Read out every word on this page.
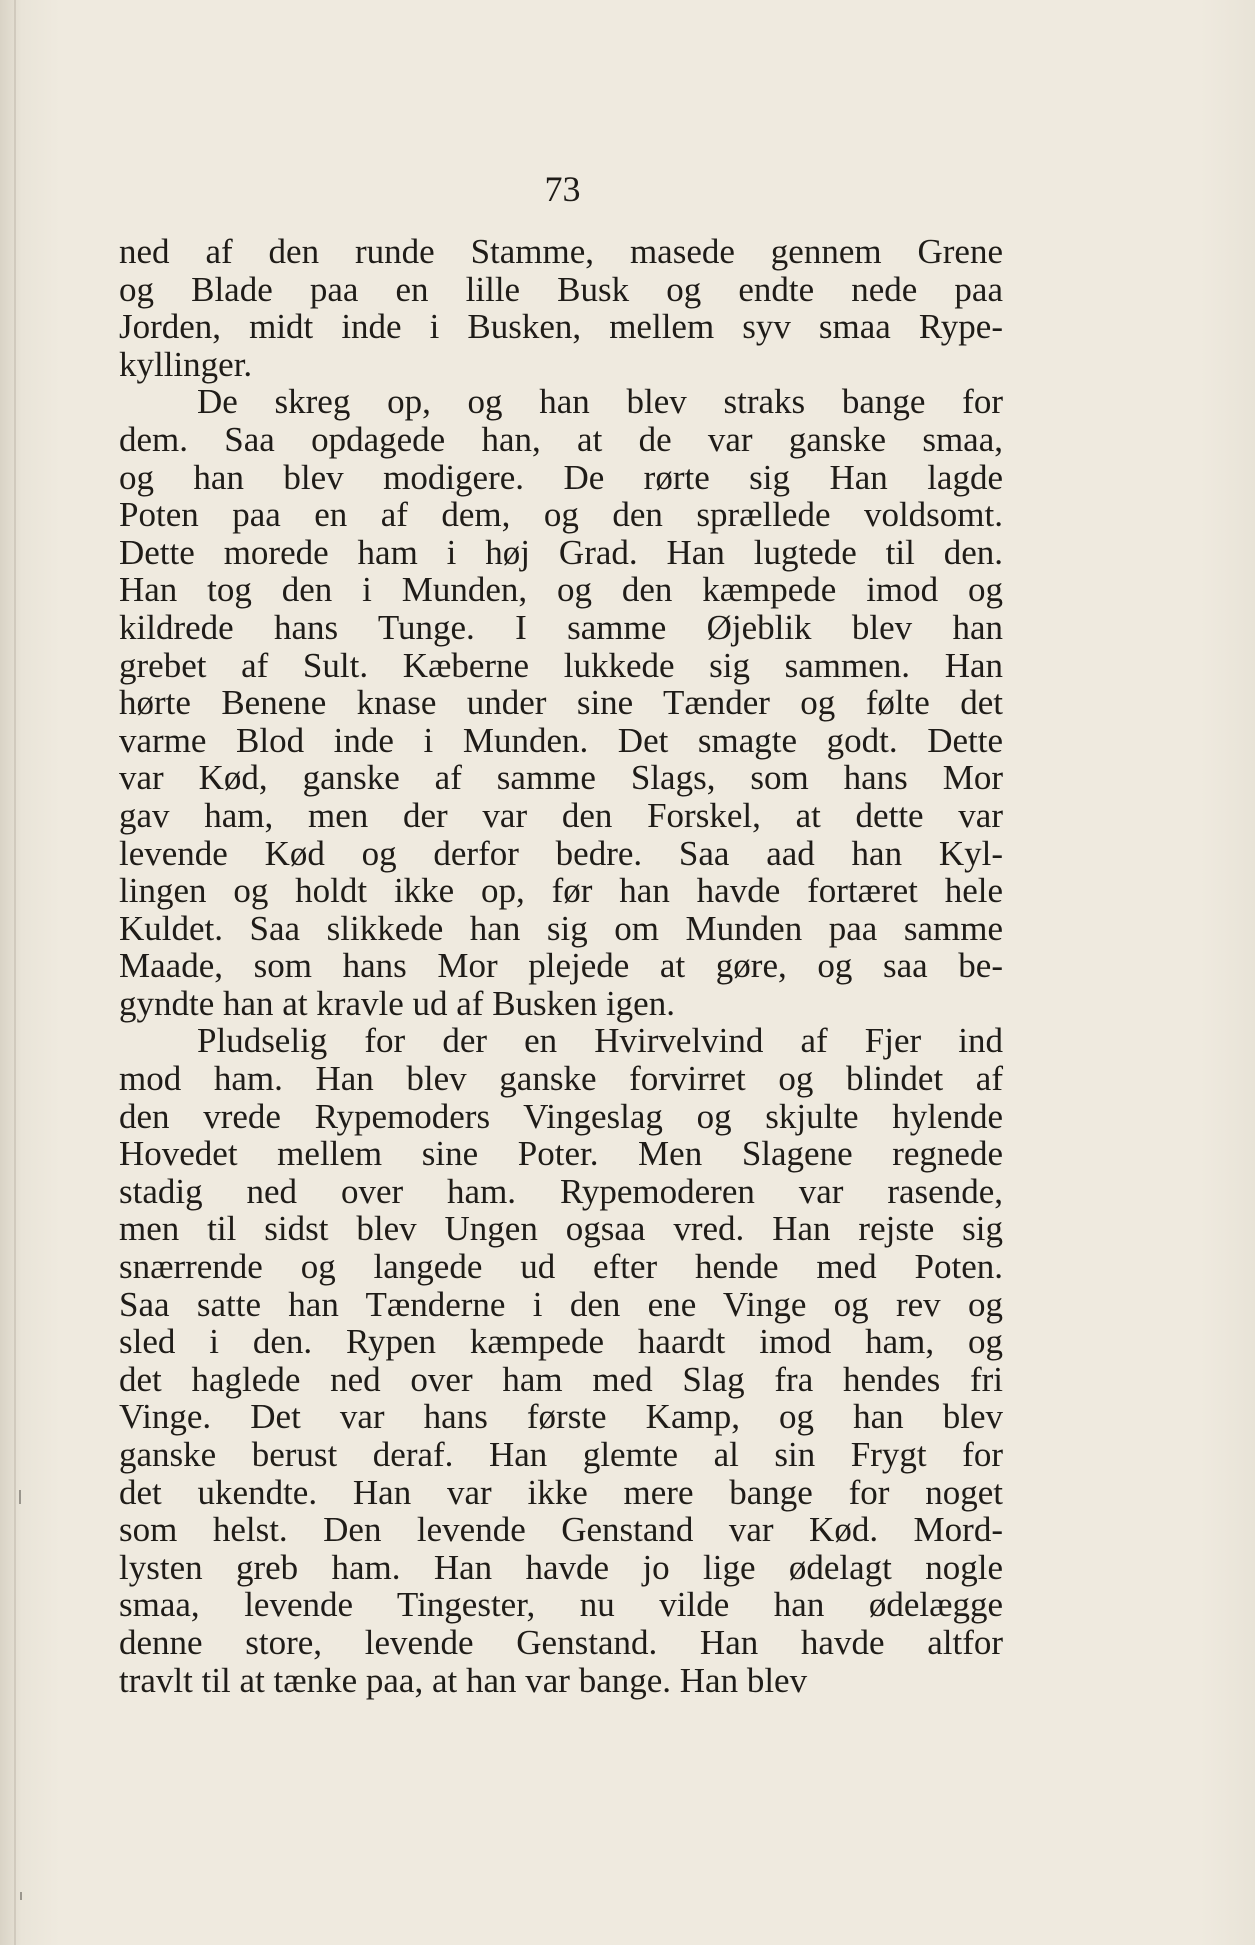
73
ned af den runde Stamme, masede gennem Grene
og Blade paa en lille Busk og endte nede paa
Jorden, midt inde i Busken, mellem syv smaa Rype-
kyllinger.
De skreg op, og han blev straks bange for
dem. Saa opdagede han, at de var ganske smaa,
og han blev modigere. De rørte sig Han lagde
Poten paa en af dem, og den sprællede voldsomt.
Dette morede ham i høj Grad. Han lugtede til den.
Han tog den i Munden, og den kæmpede imod og
kildrede hans Tunge. I samme Øjeblik blev han
grebet af Sult. Kæberne lukkede sig sammen. Han
hørte Benene knase under sine Tænder og følte det
varme Blod inde i Munden. Det smagte godt. Dette
var Kød, ganske af samme Slags, som hans Mor
gav ham, men der var den Forskel, at dette var
levende Kød og derfor bedre. Saa aad han Kyl-
lingen og holdt ikke op, før han havde fortæret hele
Kuldet. Saa slikkede han sig om Munden paa samme
Maade, som hans Mor plejede at gøre, og saa be-
gyndte han at kravle ud af Busken igen.
Pludselig for der en Hvirvelvind af Fjer ind
mod ham. Han blev ganske forvirret og blindet af
den vrede Rypemoders Vingeslag og skjulte hylende
Hovedet mellem sine Poter. Men Slagene regnede
stadig ned over ham. Rypemoderen var rasende,
men til sidst blev Ungen ogsaa vred. Han rejste sig
snærrende og langede ud efter hende med Poten.
Saa satte han Tænderne i den ene Vinge og rev og
sled i den. Rypen kæmpede haardt imod ham, og
det haglede ned over ham med Slag fra hendes fri
Vinge. Det var hans første Kamp, og han blev
ganske berust deraf. Han glemte al sin Frygt for
det ukendte. Han var ikke mere bange for noget
som helst. Den levende Genstand var Kød. Mord-
lysten greb ham. Han havde jo lige ødelagt nogle
smaa, levende Tingester, nu vilde han ødelægge
denne store, levende Genstand. Han havde altfor
travlt til at tænke paa, at han var bange. Han blev
